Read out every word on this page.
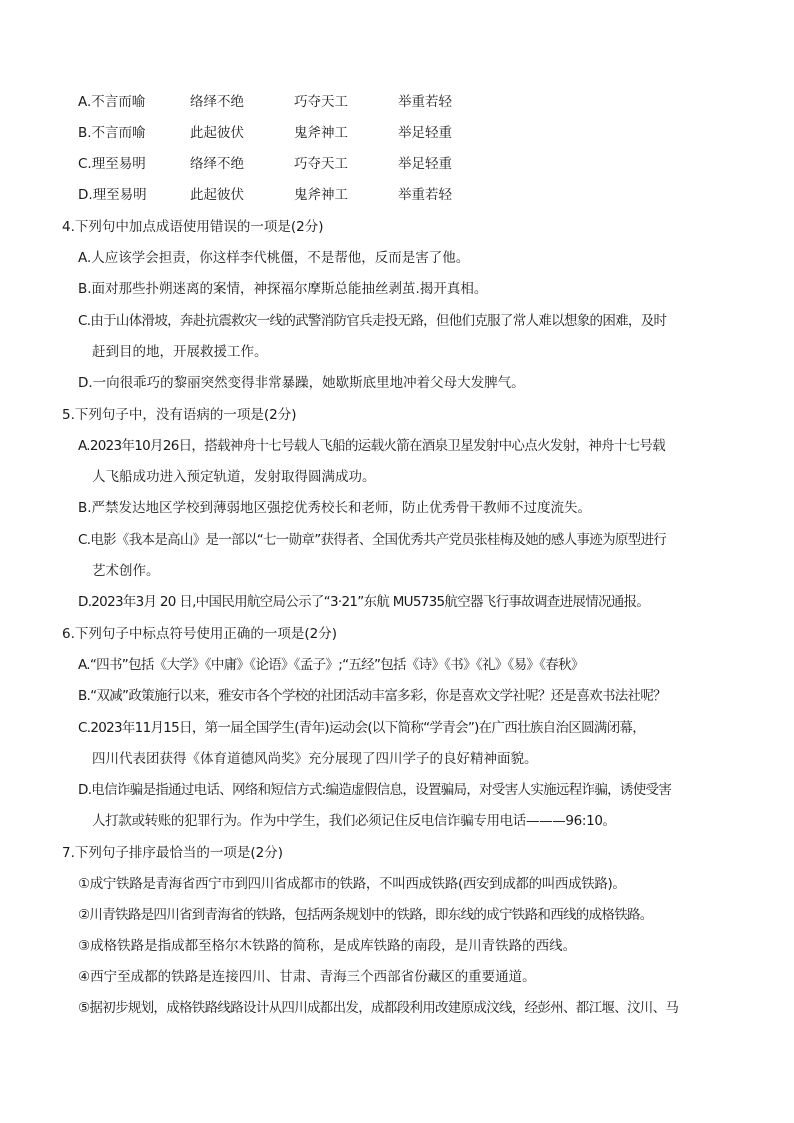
A.不言而喻	络绎不绝	巧夺天工	举重若轻
B.不言而喻	此起彼伏	鬼斧神工	举足轻重
C.理至易明	络绎不绝	巧夺天工	举足轻重
D.理至易明	此起彼伏	鬼斧神工	举重若轻
4.下列句中加点成语使用错误的一项是(2分)
A.人应该学会担责，你这样李代桃僵，不是帮他，反而是害了他。
B.面对那些扑朔迷离的案情，神探福尔摩斯总能抽丝剥茧.揭开真相。
C.由于山体滑坡，奔赴抗震救灾一线的武警消防官兵走投无路，但他们克服了常人难以想象的困难，及时
赶到目的地，开展救援工作。
D.一向很乖巧的黎丽突然变得非常暴躁，她歇斯底里地冲着父母大发脾气。
5.下列句子中，没有语病的一项是(2分)
A.2023年10月26日，搭载神舟十七号载人飞船的运载火箭在酒泉卫星发射中心点火发射，神舟十七号载
人飞船成功进入预定轨道，发射取得圆满成功。
B.严禁发达地区学校到薄弱地区强挖优秀校长和老师，防止优秀骨干教师不过度流失。
C.电影《我本是高山》是一部以“七一勋章”获得者、全国优秀共产党员张桂梅及她的感人事迹为原型进行
艺术创作。
D.2023年3月 20 日,中国民用航空局公示了“3·21”东航 MU5735航空器飞行事故调查进展情况通报。
6.下列句子中标点符号使用正确的一项是(2分)
A.“四书”包括《大学》《中庸》《论语》《孟子》;“五经”包括《诗》《书》《礼》《易》《春秋》
B.“双减”政策施行以来，雅安市各个学校的社团活动丰富多彩，你是喜欢文学社呢？还是喜欢书法社呢？
C.2023年11月15日，第一届全国学生(青年)运动会(以下简称“学青会”)在广西壮族自治区圆满闭幕，
四川代表团获得《体育道德风尚奖》充分展现了四川学子的良好精神面貌。
D.电信诈骗是指通过电话、网络和短信方式:编造虚假信息，设置骗局，对受害人实施远程诈骗，诱使受害
人打款或转账的犯罪行为。作为中学生，我们必须记住反电信诈骗专用电话———96:10。
7.下列句子排序最恰当的一项是(2分)
①成宁铁路是青海省西宁市到四川省成都市的铁路，不叫西成铁路(西安到成都的叫西成铁路)。
②川青铁路是四川省到青海省的铁路，包括两条规划中的铁路，即东线的成宁铁路和西线的成格铁路。
③成格铁路是指成都至格尔木铁路的简称，是成库铁路的南段，是川青铁路的西线。
④西宁至成都的铁路是连接四川、甘肃、青海三个西部省份藏区的重要通道。
⑤据初步规划，成格铁路线路设计从四川成都出发，成都段利用改建原成汶线，经彭州、都江堰、汶川、马
